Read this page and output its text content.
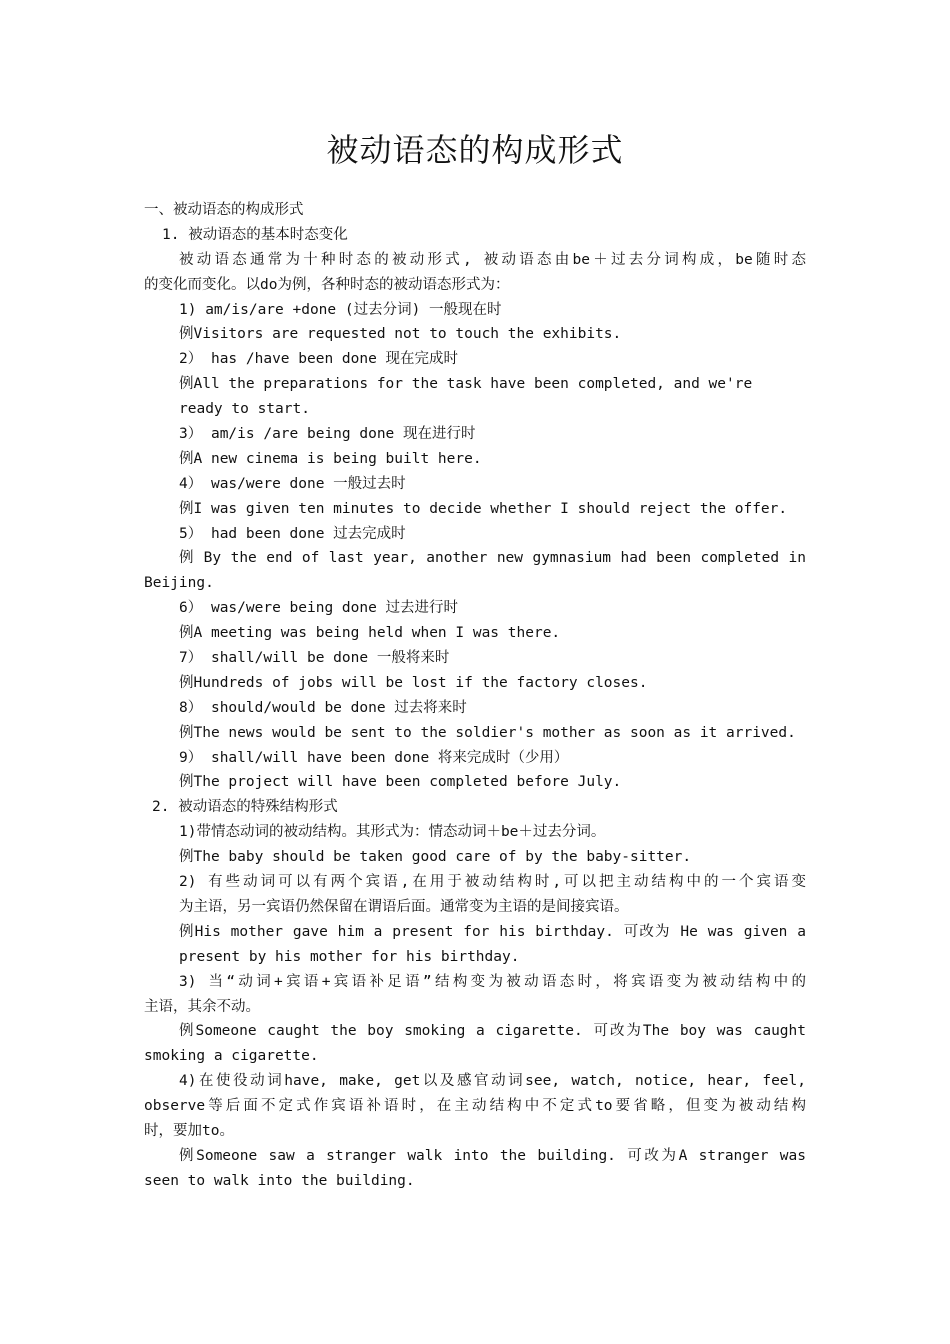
被动语态的构成形式
一、被动语态的构成形式
1. 被动语态的基本时态变化
被动语态通常为十种时态的被动形式, 被动语态由be＋过去分词构成，be随时态
的变化而变化。以do为例，各种时态的被动语态形式为：
1) am/is/are +done (过去分词) 一般现在时
例Visitors are requested not to touch the exhibits.
2） has /have been done 现在完成时
例All the preparations for the task have been completed, and we're
ready to start.
3） am/is /are being done 现在进行时
例A new cinema is being built here.
4） was/were done 一般过去时
例I was given ten minutes to decide whether I should reject the offer.
5） had been done 过去完成时
例 By the end of last year, another new gymnasium had been completed in
Beijing.
6） was/were being done 过去进行时
例A meeting was being held when I was there.
7） shall/will be done 一般将来时
例Hundreds of jobs will be lost if the factory closes.
8） should/would be done 过去将来时
例The news would be sent to the soldier's mother as soon as it arrived.
9） shall/will have been done 将来完成时（少用）
例The project will have been completed before July.
2. 被动语态的特殊结构形式
1)带情态动词的被动结构。其形式为：情态动词＋be＋过去分词。
例The baby should be taken good care of by the baby-sitter.
2) 有些动词可以有两个宾语,在用于被动结构时,可以把主动结构中的一个宾语变
为主语，另一宾语仍然保留在谓语后面。通常变为主语的是间接宾语。
例His mother gave him a present for his birthday. 可改为 He was given a
present by his mother for his birthday.
3) 当“动词+宾语+宾语补足语”结构变为被动语态时，将宾语变为被动结构中的
主语，其余不动。
例Someone caught the boy smoking a cigarette. 可改为The boy was caught
smoking a cigarette.
4)在使役动词have, make, get以及感官动词see, watch, notice, hear, feel,
observe等后面不定式作宾语补语时，在主动结构中不定式to要省略，但变为被动结构
时，要加to。
例Someone saw a stranger walk into the building. 可改为A stranger was
seen to walk into the building.
